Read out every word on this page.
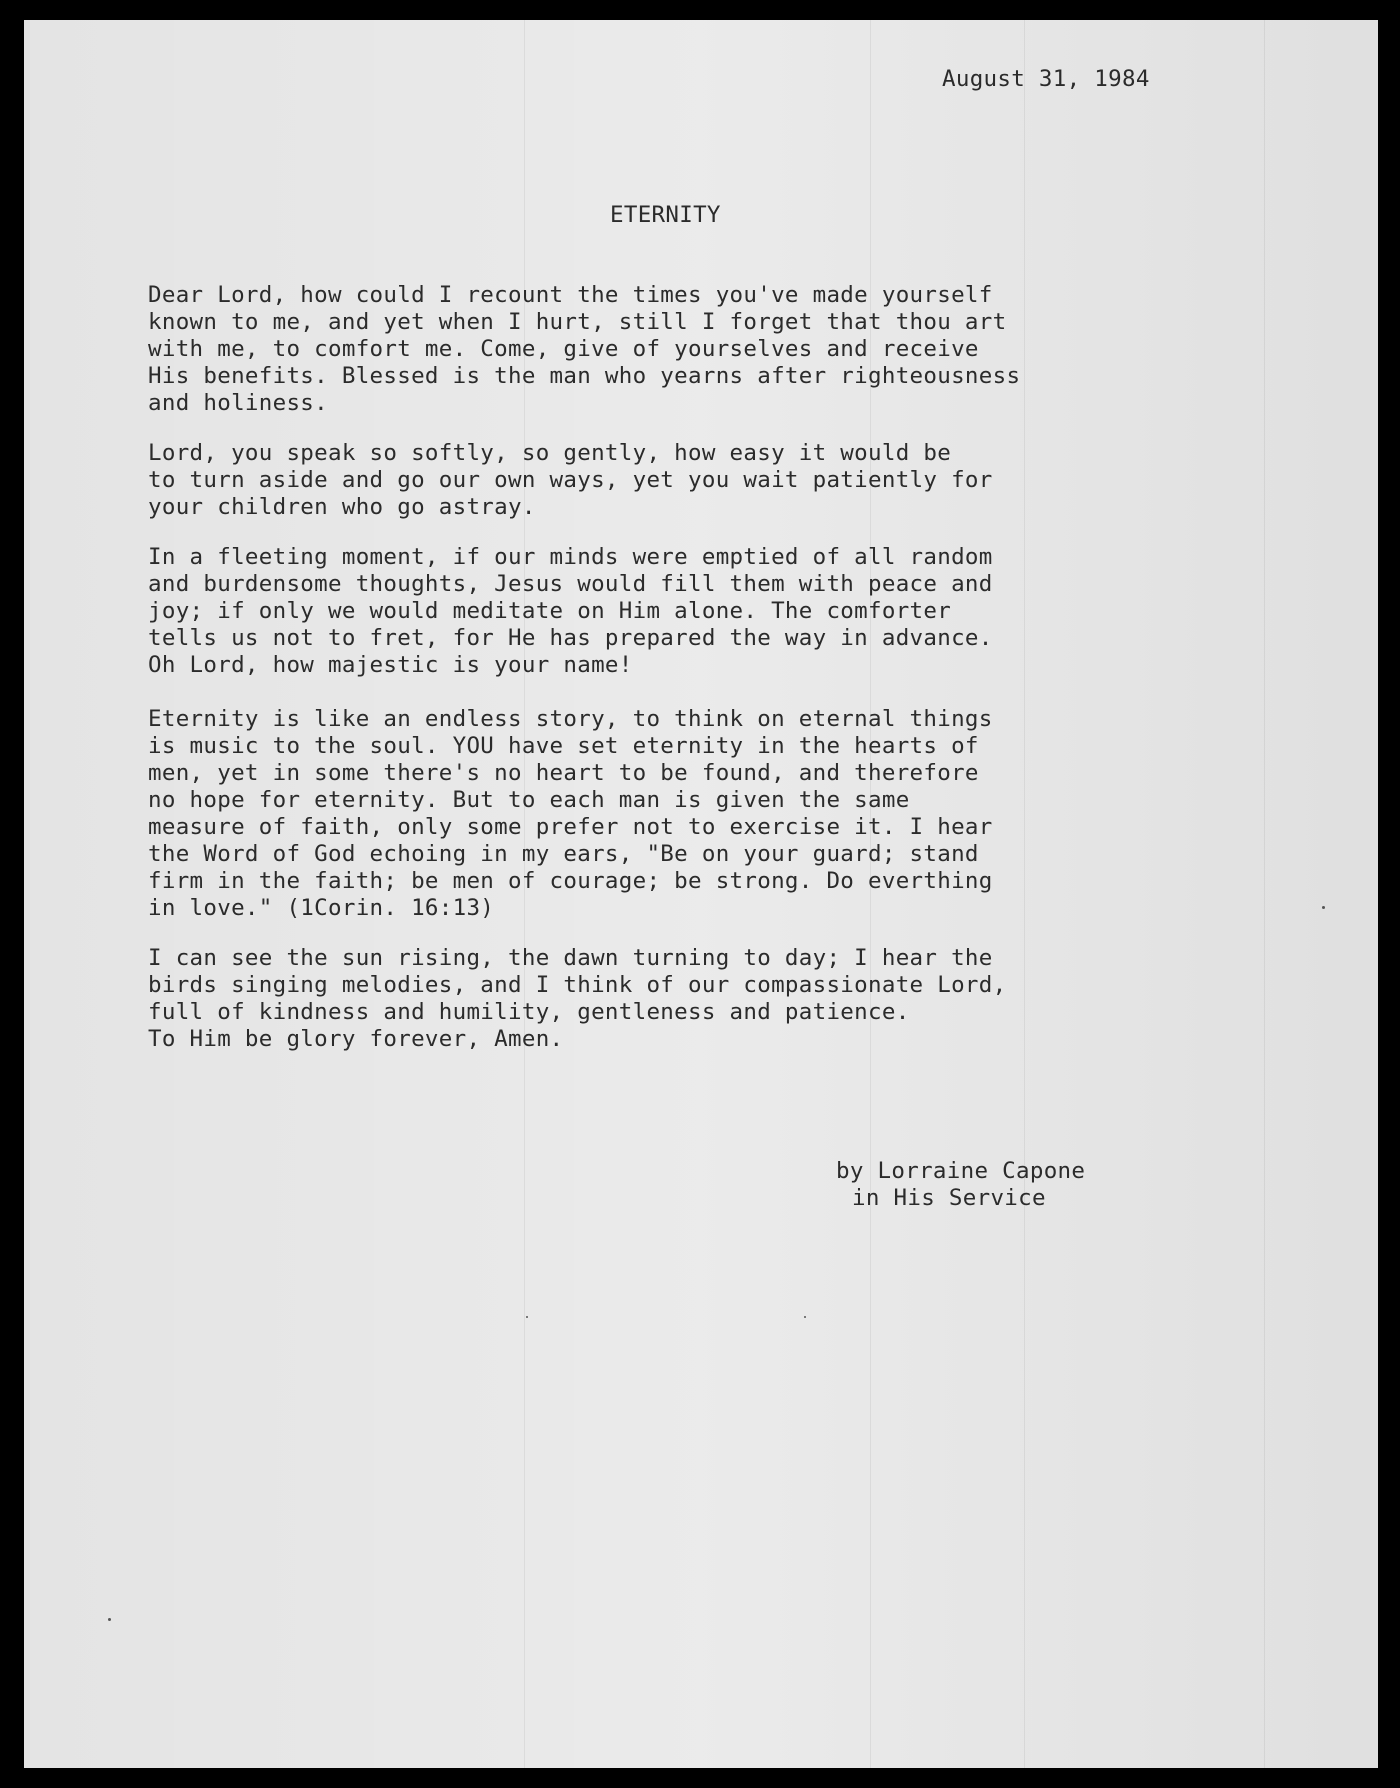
August 31, 1984
ETERNITY

Dear Lord, how could I recount the times you've made yourself
known to me, and yet when I hurt, still I forget that thou art
with me, to comfort me. Come, give of yourselves and receive
His benefits. Blessed is the man who yearns after righteousness
and holiness.

Lord, you speak so softly, so gently, how easy it would be
to turn aside and go our own ways, yet you wait patiently for
your children who go astray.

In a fleeting moment, if our minds were emptied of all random
and burdensome thoughts, Jesus would fill them with peace and
joy; if only we would meditate on Him alone. The comforter
tells us not to fret, for He has prepared the way in advance.
Oh Lord, how majestic is your name!

Eternity is like an endless story, to think on eternal things
is music to the soul. YOU have set eternity in the hearts of
men, yet in some there's no heart to be found, and therefore
no hope for eternity. But to each man is given the same
measure of faith, only some prefer not to exercise it. I hear
the Word of God echoing in my ears, "Be on your guard; stand
firm in the faith; be men of courage; be strong. Do everthing
in love." (1Corin. 16:13)

I can see the sun rising, the dawn turning to day; I hear the
birds singing melodies, and I think of our compassionate Lord,
full of kindness and humility, gentleness and patience.
To Him be glory forever, Amen.

by Lorraine Capone
in His Service
